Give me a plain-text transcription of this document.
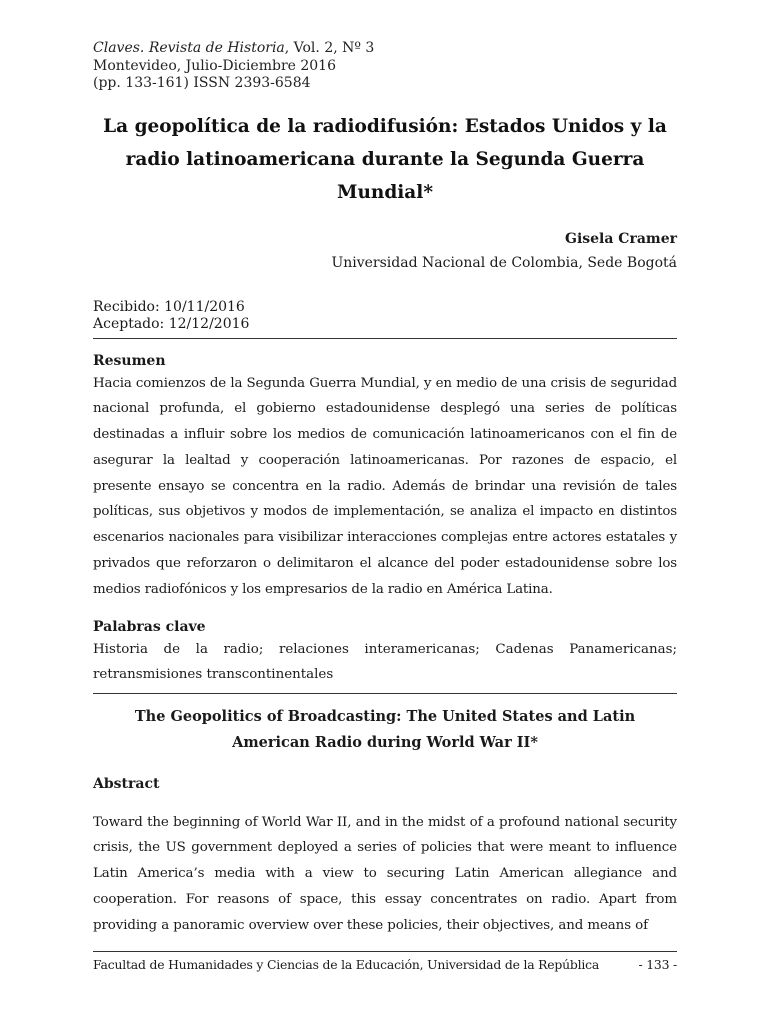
Claves. Revista de Historia, Vol. 2, Nº 3
Montevideo, Julio-Diciembre 2016
(pp. 133-161) ISSN 2393-6584
La geopolítica de la radiodifusión: Estados Unidos y la radio latinoamericana durante la Segunda Guerra Mundial*
Gisela Cramer
Universidad Nacional de Colombia, Sede Bogotá
Recibido: 10/11/2016
Aceptado: 12/12/2016
Resumen
Hacia comienzos de la Segunda Guerra Mundial, y en medio de una crisis de seguridad nacional profunda, el gobierno estadounidense desplegó una series de políticas destinadas a influir sobre los medios de comunicación latinoamericanos con el fin de asegurar la lealtad y cooperación latinoamericanas. Por razones de espacio, el presente ensayo se concentra en la radio. Además de brindar una revisión de tales políticas, sus objetivos y modos de implementación, se analiza el impacto en distintos escenarios nacionales para visibilizar interacciones complejas entre actores estatales y privados que reforzaron o delimitaron el alcance del poder estadounidense sobre los medios radiofónicos y los empresarios de la radio en América Latina.
Palabras clave
Historia de la radio; relaciones interamericanas; Cadenas Panamericanas; retransmisiones transcontinentales
The Geopolitics of Broadcasting: The United States and Latin American Radio during World War II*
Abstract
Toward the beginning of World War II, and in the midst of a profound national security crisis, the US government deployed a series of policies that were meant to influence Latin America’s media with a view to securing Latin American allegiance and cooperation. For reasons of space, this essay concentrates on radio. Apart from providing a panoramic overview over these policies, their objectives, and means of
Facultad de Humanidades y Ciencias de la Educación, Universidad de la República	- 133 -
